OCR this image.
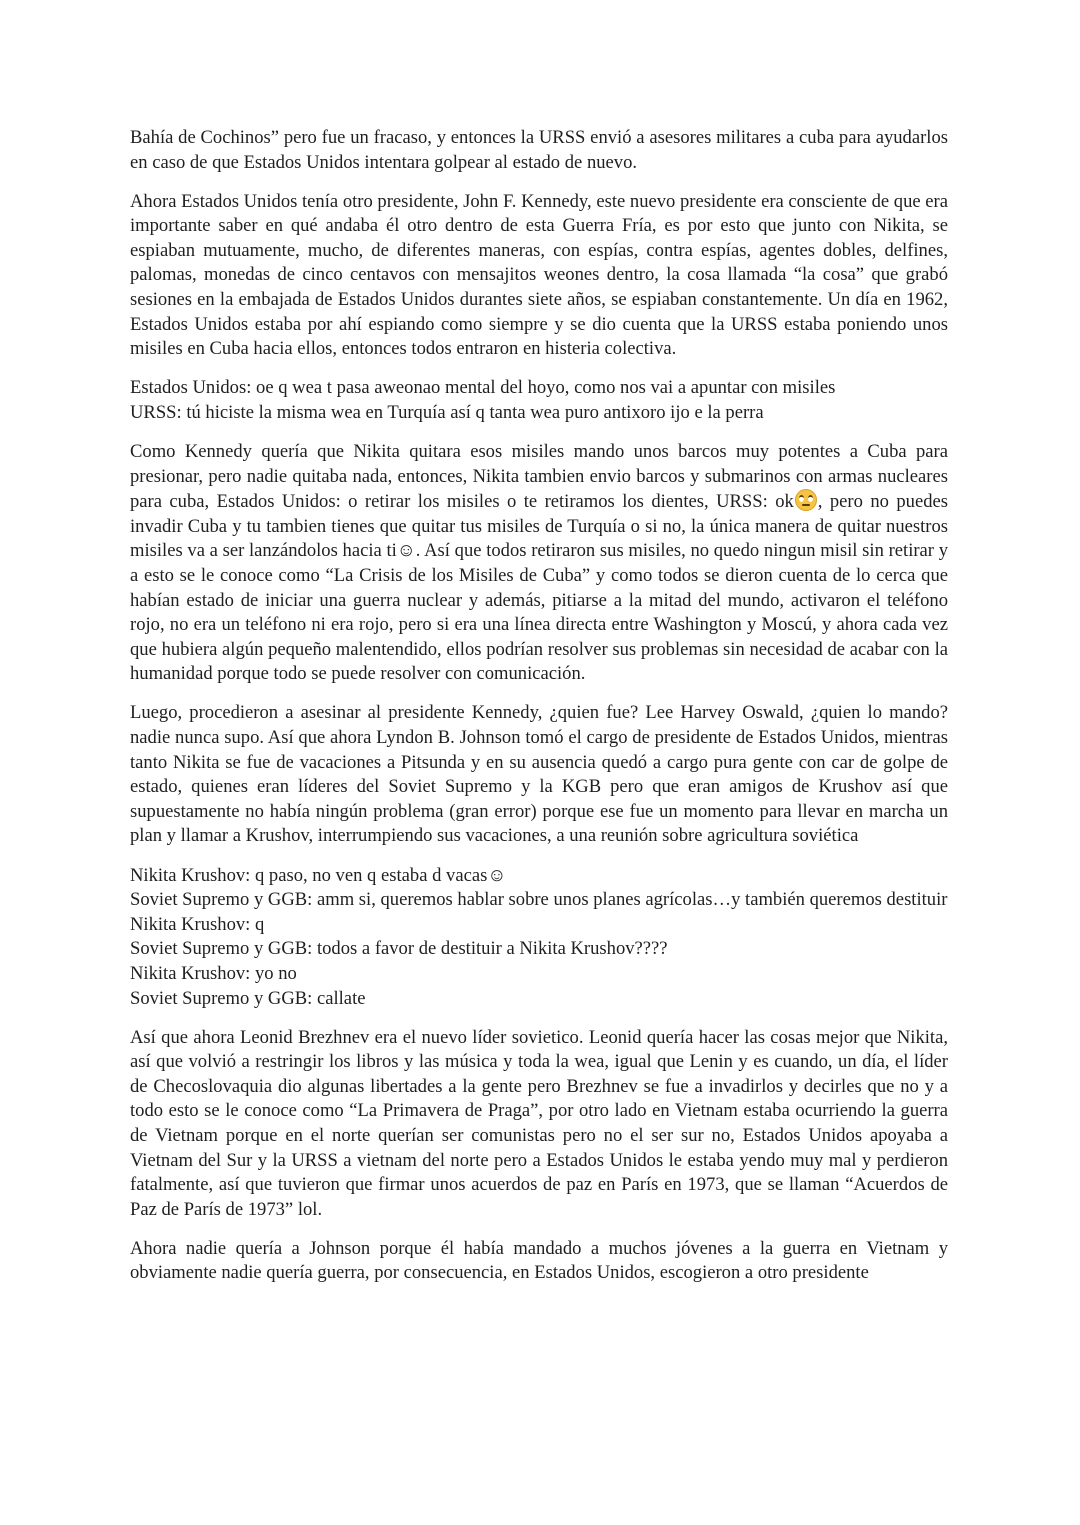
Bahía de Cochinos” pero fue un fracaso, y entonces la URSS envió a asesores militares a cuba para ayudarlos en caso de que Estados Unidos intentara golpear al estado de nuevo.

Ahora Estados Unidos tenía otro presidente, John F. Kennedy, este nuevo presidente era consciente de que era importante saber en qué andaba él otro dentro de esta Guerra Fría, es por esto que junto con Nikita, se espiaban mutuamente, mucho, de diferentes maneras, con espías, contra espías, agentes dobles, delfines, palomas, monedas de cinco centavos con mensajitos weones dentro, la cosa llamada “la cosa” que grabó sesiones en la embajada de Estados Unidos durantes siete años, se espiaban constantemente. Un día en 1962, Estados Unidos estaba por ahí espiando como siempre y se dio cuenta que la URSS estaba poniendo unos misiles en Cuba hacia ellos, entonces todos entraron en histeria colectiva.

Estados Unidos: oe q wea t pasa aweonao mental del hoyo, como nos vai a apuntar con misiles
URSS: tú hiciste la misma wea en Turquía así q tanta wea puro antixoro ijo e la perra

Como Kennedy quería que Nikita quitara esos misiles mando unos barcos muy potentes a Cuba para presionar, pero nadie quitaba nada, entonces, Nikita tambien envio barcos y submarinos con armas nucleares para cuba, Estados Unidos: o retirar los misiles o te retiramos los dientes, URSS: ok , pero no puedes invadir Cuba y tu tambien tienes que quitar tus misiles de Turquía o si no, la única manera de quitar nuestros misiles va a ser lanzándolos hacia ti☺. Así que todos retiraron sus misiles, no quedo ningun misil sin retirar y a esto se le conoce como “La Crisis de los Misiles de Cuba” y como todos se dieron cuenta de lo cerca que habían estado de iniciar una guerra nuclear y además, pitiarse a la mitad del mundo, activaron el teléfono rojo, no era un teléfono ni era rojo, pero si era una línea directa entre Washington y Moscú, y ahora cada vez que hubiera algún pequeño malentendido, ellos podrían resolver sus problemas sin necesidad de acabar con la humanidad porque todo se puede resolver con comunicación.

Luego, procedieron a asesinar al presidente Kennedy, ¿quien fue? Lee Harvey Oswald, ¿quien lo mando? nadie nunca supo. Así que ahora Lyndon B. Johnson tomó el cargo de presidente de Estados Unidos, mientras tanto Nikita se fue de vacaciones a Pitsunda y en su ausencia quedó a cargo pura gente con car de golpe de estado, quienes eran líderes del Soviet Supremo y la KGB pero que eran amigos de Krushov así que supuestamente no había ningún problema (gran error) porque ese fue un momento para llevar en marcha un plan y llamar a Krushov, interrumpiendo sus vacaciones, a una reunión sobre agricultura soviética

Nikita Krushov: q paso, no ven q estaba d vacas☺
Soviet Supremo y GGB: amm si, queremos hablar sobre unos planes agrícolas…y también queremos destituir
Nikita Krushov: q
Soviet Supremo y GGB: todos a favor de destituir a Nikita Krushov????
Nikita Krushov: yo no
Soviet Supremo y GGB: callate

Así que ahora Leonid Brezhnev era el nuevo líder sovietico. Leonid quería hacer las cosas mejor que Nikita, así que volvió a restringir los libros y las música y toda la wea, igual que Lenin y es cuando, un día, el líder de Checoslovaquia dio algunas libertades a la gente pero Brezhnev se fue a invadirlos y decirles que no y a todo esto se le conoce como “La Primavera de Praga”, por otro lado en Vietnam estaba ocurriendo la guerra de Vietnam porque en el norte querían ser comunistas pero no el ser sur no, Estados Unidos apoyaba a Vietnam del Sur y la URSS a vietnam del norte pero a Estados Unidos le estaba yendo muy mal y perdieron fatalmente, así que tuvieron que firmar unos acuerdos de paz en París en 1973, que se llaman “Acuerdos de Paz de París de 1973” lol.

Ahora nadie quería a Johnson porque él había mandado a muchos jóvenes a la guerra en Vietnam y obviamente nadie quería guerra, por consecuencia, en Estados Unidos, escogieron a otro presidente
